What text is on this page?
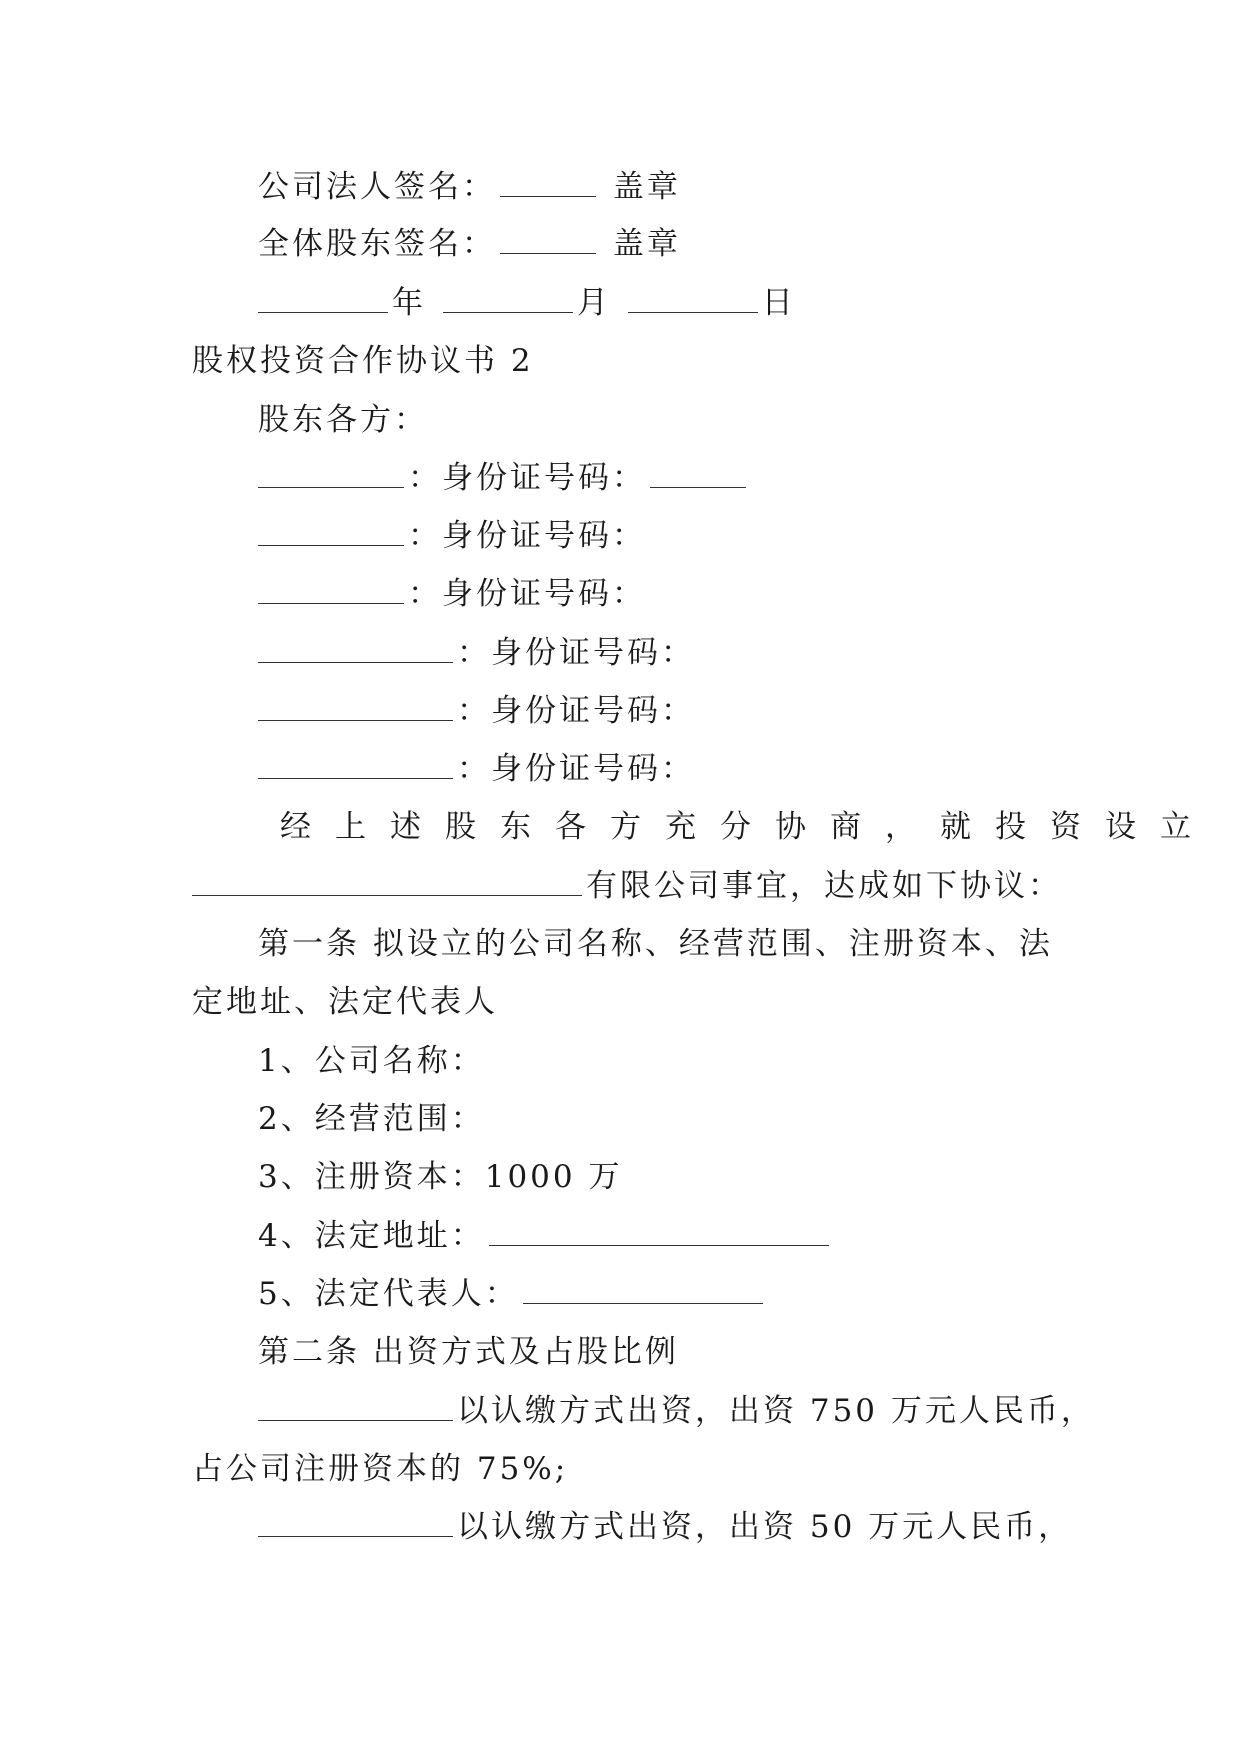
公司法人签名：	盖章
全体股东签名：	盖章
年	月	日
股权投资合作协议书 2
股东各方：
：身份证号码：
：身份证号码：
：身份证号码：
：身份证号码：
：身份证号码：
：身份证号码：
经上述股东各方充分协商，就投资设立
有限公司事宜，达成如下协议：
第一条 拟设立的公司名称、经营范围、注册资本、法
定地址、法定代表人
1、公司名称：
2、经营范围：
3、注册资本：1000 万
4、法定地址：
5、法定代表人：
第二条 出资方式及占股比例
以认缴方式出资，出资 750 万元人民币，
占公司注册资本的 75%;
以认缴方式出资，出资 50 万元人民币，
